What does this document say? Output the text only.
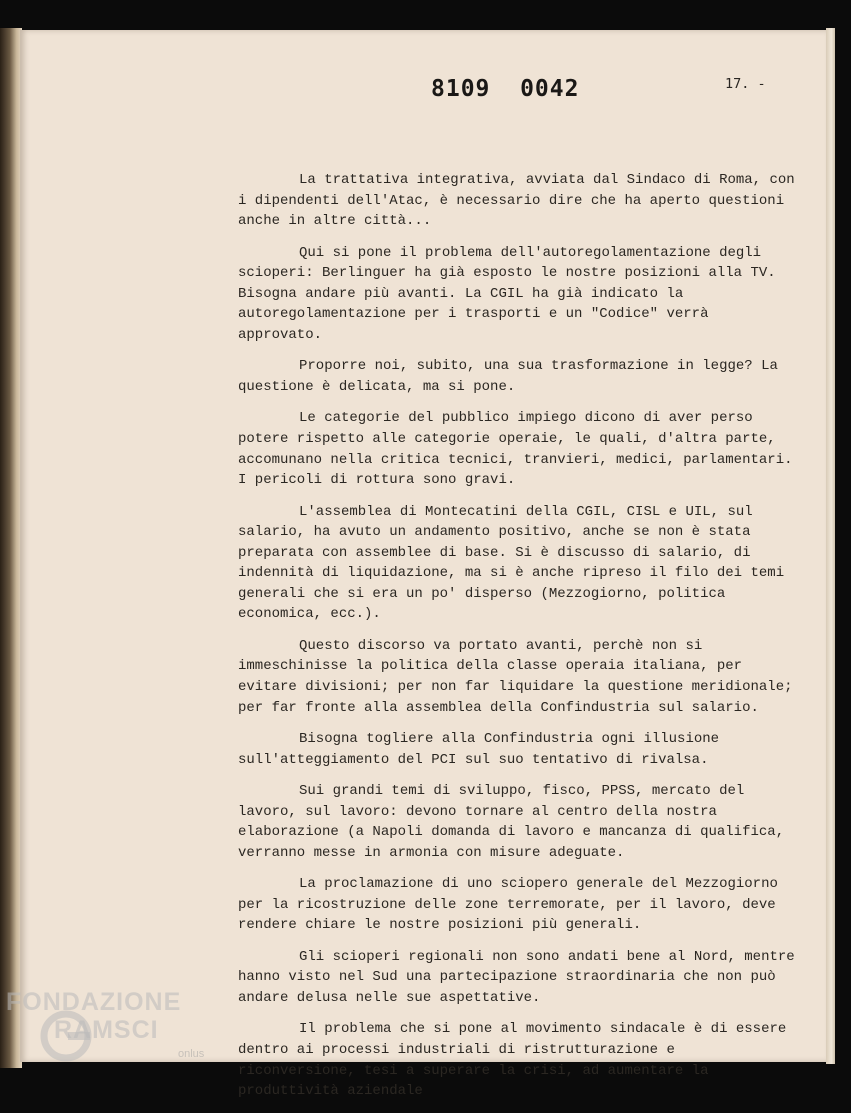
8109  0042	17. -

La trattativa integrativa, avviata dal Sindaco di Roma, con i dipendenti dell'Atac, è necessario dire che ha aperto questioni anche in altre città...

Qui si pone il problema dell'autoregolamentazione degli scioperi: Berlinguer ha già esposto le nostre posizioni alla TV. Bisogna andare più avanti. La CGIL ha già indicato la autoregolamentazione per i trasporti e un "Codice" verrà approvato.

Proporre noi, subito, una sua trasformazione in legge? La questione è delicata, ma si pone.

Le categorie del pubblico impiego dicono di aver perso potere rispetto alle categorie operaie, le quali, d'altra parte, accomunano nella critica tecnici, tranvieri, medici, parlamentari. I pericoli di rottura sono gravi.

L'assemblea di Montecatini della CGIL, CISL e UIL, sul salario, ha avuto un andamento positivo, anche se non è stata preparata con assemblee di base. Si è discusso di salario, di indennità di liquidazione, ma si è anche ripreso il filo dei temi generali che si era un po' disperso (Mezzogiorno, politica economica, ecc.).

Questo discorso va portato avanti, perchè non si immeschinisse la politica della classe operaia italiana, per evitare divisioni; per non far liquidare la questione meridionale; per far fronte alla assemblea della Confindustria sul salario.

Bisogna togliere alla Confindustria ogni illusione sull'atteggiamento del PCI sul suo tentativo di rivalsa.

Sui grandi temi di sviluppo, fisco, PPSS, mercato del lavoro, sul lavoro: devono tornare al centro della nostra elaborazione (a Napoli domanda di lavoro e mancanza di qualifica, verranno messe in armonia con misure adeguate.

La proclamazione di uno sciopero generale del Mezzogiorno per la ricostruzione delle zone terremorate, per il lavoro, deve rendere chiare le nostre posizioni più generali.

Gli scioperi regionali non sono andati bene al Nord, mentre hanno visto nel Sud una partecipazione straordinaria che non può andare delusa nelle sue aspettative.

Il problema che si pone al movimento sindacale è di essere dentro ai processi industriali di ristrutturazione e riconversione, tesi a superare la crisi, ad aumentare la produttività aziendale

FONDAZIONE
RAMSCI
onlus
